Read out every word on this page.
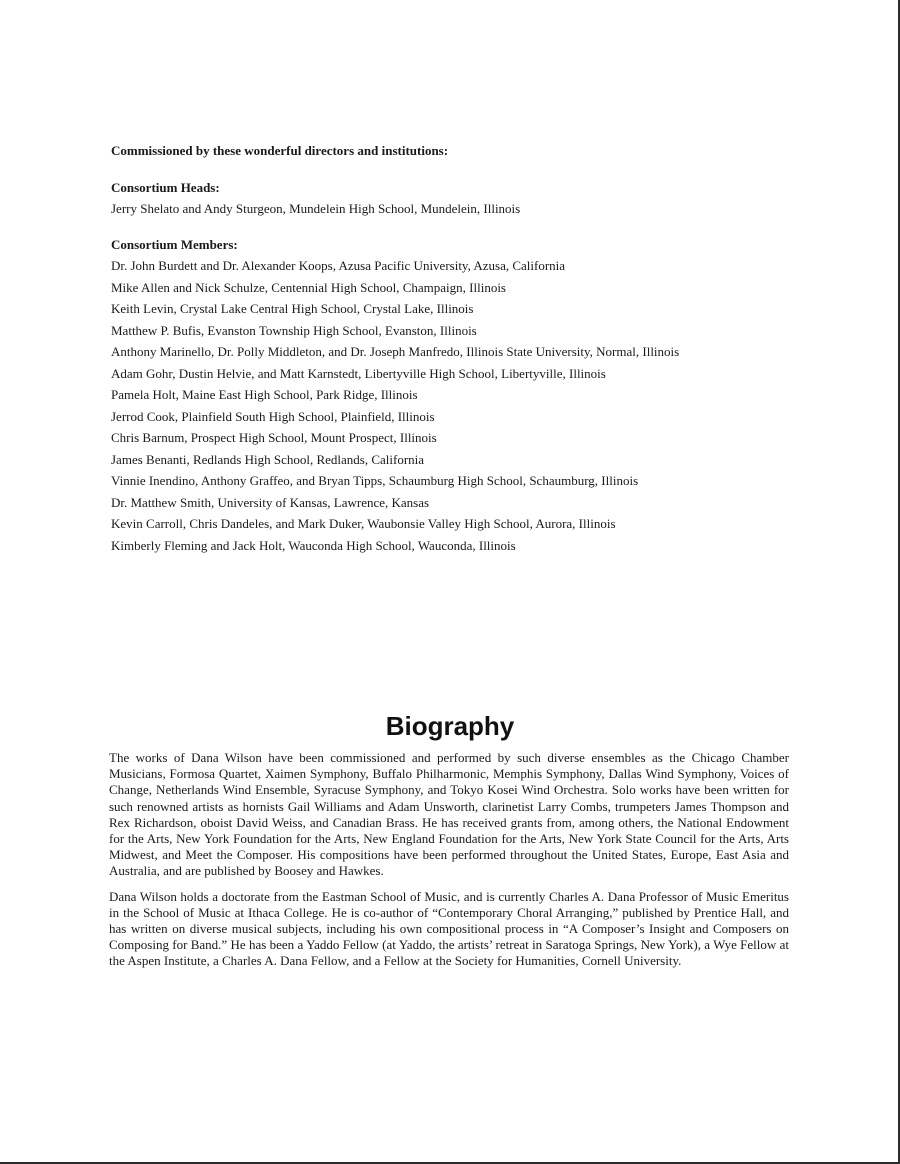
Commissioned by these wonderful directors and institutions:

Consortium Heads:

Jerry Shelato and Andy Sturgeon, Mundelein High School, Mundelein, Illinois

Consortium Members:

Dr. John Burdett and Dr. Alexander Koops, Azusa Pacific University, Azusa, California

Mike Allen and Nick Schulze, Centennial High School, Champaign, Illinois

Keith Levin, Crystal Lake Central High School, Crystal Lake, Illinois

Matthew P. Bufis, Evanston Township High School, Evanston, Illinois

Anthony Marinello, Dr. Polly Middleton, and Dr. Joseph Manfredo, Illinois State University, Normal, Illinois

Adam Gohr, Dustin Helvie, and Matt Karnstedt, Libertyville High School, Libertyville, Illinois

Pamela Holt, Maine East High School, Park Ridge, Illinois

Jerrod Cook, Plainfield South High School, Plainfield, Illinois

Chris Barnum, Prospect High School, Mount Prospect, Illinois

James Benanti, Redlands High School, Redlands, California

Vinnie Inendino, Anthony Graffeo, and Bryan Tipps, Schaumburg High School, Schaumburg, Illinois

Dr. Matthew Smith, University of Kansas, Lawrence, Kansas

Kevin Carroll, Chris Dandeles, and Mark Duker, Waubonsie Valley High School, Aurora, Illinois

Kimberly Fleming and Jack Holt, Wauconda High School, Wauconda, Illinois

Biography

The works of Dana Wilson have been commissioned and performed by such diverse ensembles as the Chicago Chamber Musicians, Formosa Quartet, Xaimen Symphony, Buffalo Philharmonic, Memphis Symphony, Dallas Wind Symphony, Voices of Change, Netherlands Wind Ensemble, Syracuse Symphony, and Tokyo Kosei Wind Orchestra. Solo works have been written for such renowned artists as hornists Gail Williams and Adam Unsworth, clarinetist Larry Combs, trumpeters James Thompson and Rex Richardson, oboist David Weiss, and Canadian Brass. He has received grants from, among others, the National Endowment for the Arts, New York Foundation for the Arts, New England Foundation for the Arts, New York State Council for the Arts, Arts Midwest, and Meet the Composer. His compositions have been performed throughout the United States, Europe, East Asia and Australia, and are published by Boosey and Hawkes.

Dana Wilson holds a doctorate from the Eastman School of Music, and is currently Charles A. Dana Professor of Music Emeritus in the School of Music at Ithaca College. He is co-author of “Contemporary Choral Arranging,” published by Prentice Hall, and has written on diverse musical subjects, including his own compositional process in “A Composer’s Insight and Composers on Composing for Band.” He has been a Yaddo Fellow (at Yaddo, the artists’ retreat in Saratoga Springs, New York), a Wye Fellow at the Aspen Institute, a Charles A. Dana Fellow, and a Fellow at the Society for Humanities, Cornell University.
